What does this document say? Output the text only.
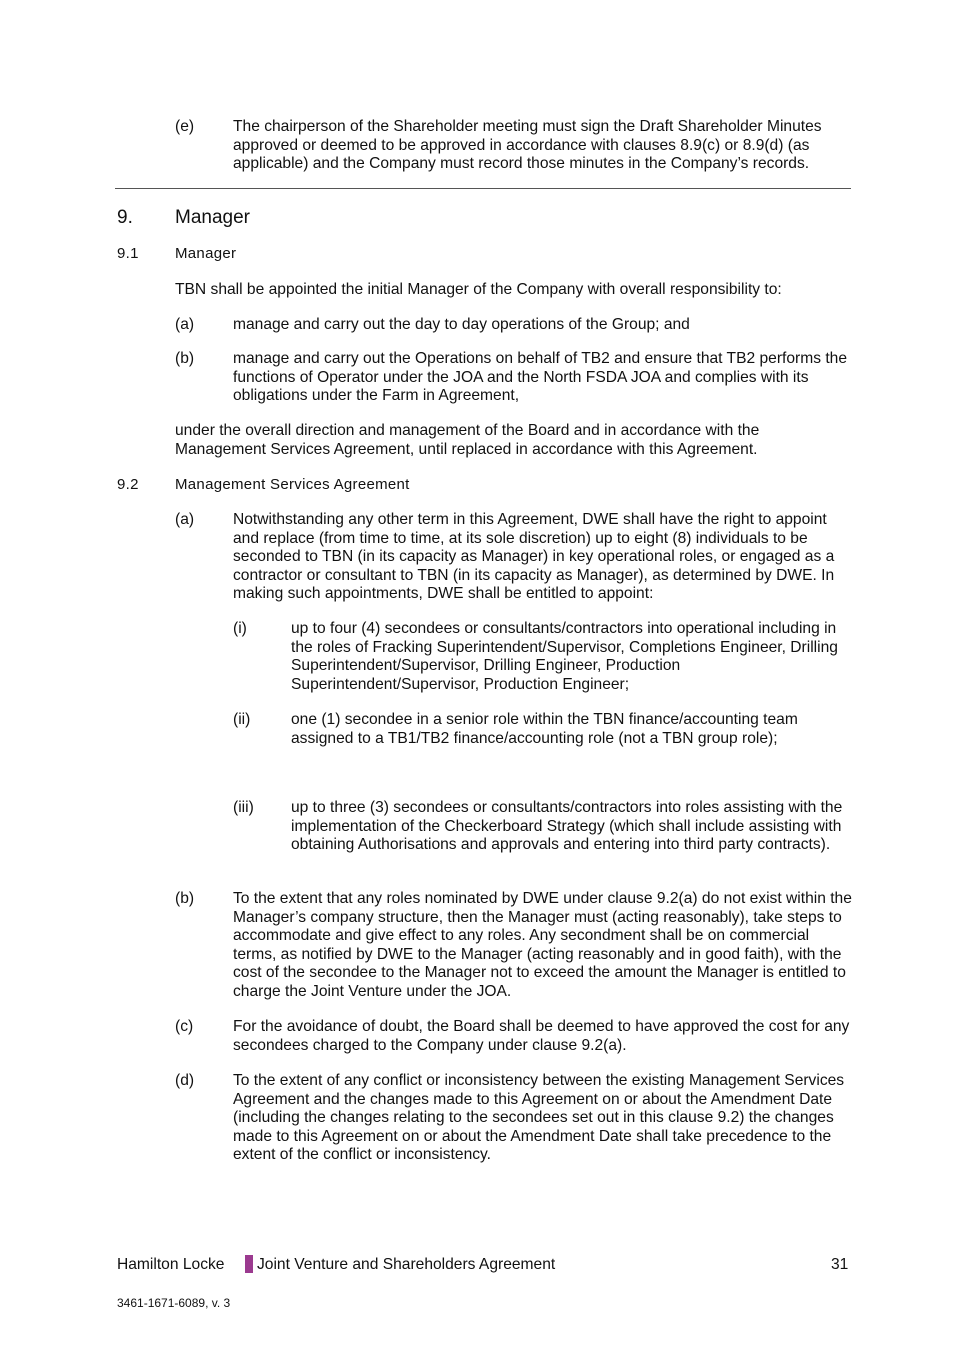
(e) The chairperson of the Shareholder meeting must sign the Draft Shareholder Minutes approved or deemed to be approved in accordance with clauses 8.9(c) or 8.9(d) (as applicable) and the Company must record those minutes in the Company’s records.
9. Manager
9.1 Manager
TBN shall be appointed the initial Manager of the Company with overall responsibility to:
(a) manage and carry out the day to day operations of the Group; and
(b) manage and carry out the Operations on behalf of TB2 and ensure that TB2 performs the functions of Operator under the JOA and the North FSDA JOA and complies with its obligations under the Farm in Agreement,
under the overall direction and management of the Board and in accordance with the Management Services Agreement, until replaced in accordance with this Agreement.
9.2 Management Services Agreement
(a) Notwithstanding any other term in this Agreement, DWE shall have the right to appoint and replace (from time to time, at its sole discretion) up to eight (8) individuals to be seconded to TBN (in its capacity as Manager) in key operational roles, or engaged as a contractor or consultant to TBN (in its capacity as Manager), as determined by DWE. In making such appointments, DWE shall be entitled to appoint:
(i)	up to four (4) secondees or consultants/contractors into operational including in the roles of Fracking Superintendent/Supervisor, Completions Engineer, Drilling Superintendent/Supervisor, Drilling Engineer, Production Superintendent/Supervisor, Production Engineer;
(ii)	one (1) secondee in a senior role within the TBN finance/accounting team assigned to a TB1/TB2 finance/accounting role (not a TBN group role);
(iii) up to three (3) secondees or consultants/contractors into roles assisting with the implementation of the Checkerboard Strategy (which shall include assisting with obtaining Authorisations and approvals and entering into third party contracts).
(b) To the extent that any roles nominated by DWE under clause 9.2(a) do not exist within the Manager’s company structure, then the Manager must (acting reasonably), take steps to accommodate and give effect to any roles. Any secondment shall be on commercial terms, as notified by DWE to the Manager (acting reasonably and in good faith), with the cost of the secondee to the Manager not to exceed the amount the Manager is entitled to charge the Joint Venture under the JOA.
(c)	For the avoidance of doubt, the Board shall be deemed to have approved the cost for any secondees charged to the Company under clause 9.2(a).
(d) To the extent of any conflict or inconsistency between the existing Management Services Agreement and the changes made to this Agreement on or about the Amendment Date (including the changes relating to the secondees set out in this clause 9.2) the changes made to this Agreement on or about the Amendment Date shall take precedence to the extent of the conflict or inconsistency.
Hamilton Locke Joint Venture and Shareholders Agreement	31
3461-1671-6089, v. 3
